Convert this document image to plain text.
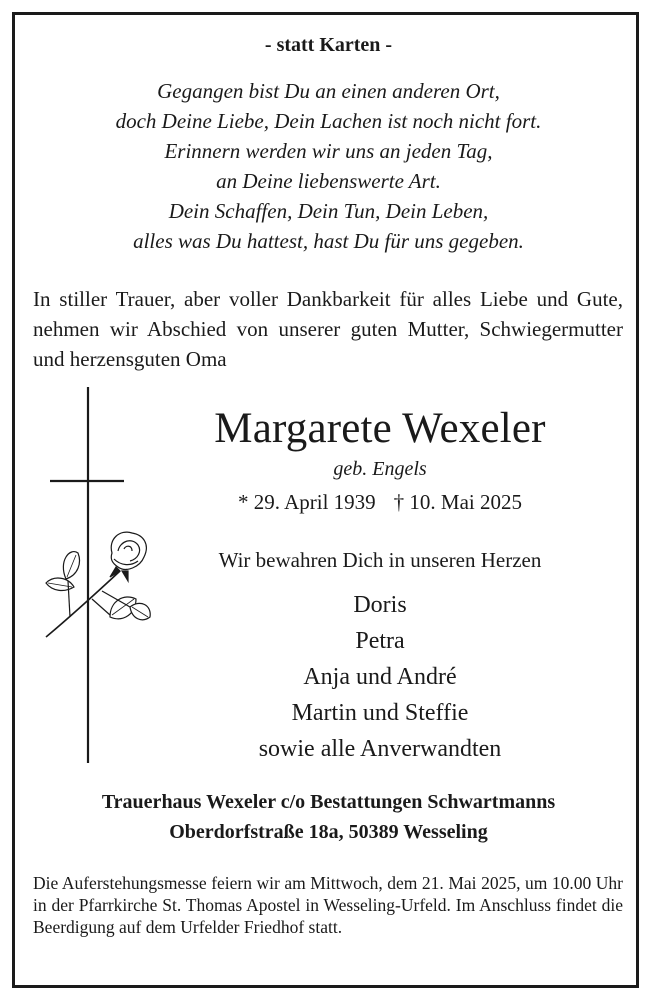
- statt Karten -
Gegangen bist Du an einen anderen Ort,
doch Deine Liebe, Dein Lachen ist noch nicht fort.
Erinnern werden wir uns an jeden Tag,
an Deine liebenswerte Art.
Dein Schaffen, Dein Tun, Dein Leben,
alles was Du hattest, hast Du für uns gegeben.
In stiller Trauer, aber voller Dankbarkeit für alles Liebe und Gute, nehmen wir Abschied von unserer guten Mutter, Schwiegermutter und herzensguten Oma
Margarete Wexeler
geb. Engels
* 29. April 1939 † 10. Mai 2025
Wir bewahren Dich in unseren Herzen
Doris
Petra
Anja und André
Martin und Steffie
sowie alle Anverwandten
Trauerhaus Wexeler c/o Bestattungen Schwartmanns
Oberdorfstraße 18a, 50389 Wesseling
Die Auferstehungsmesse feiern wir am Mittwoch, dem 21. Mai 2025, um 10.00 Uhr in der Pfarrkirche St. Thomas Apostel in Wesseling-Urfeld. Im Anschluss findet die Beerdigung auf dem Urfelder Friedhof statt.
